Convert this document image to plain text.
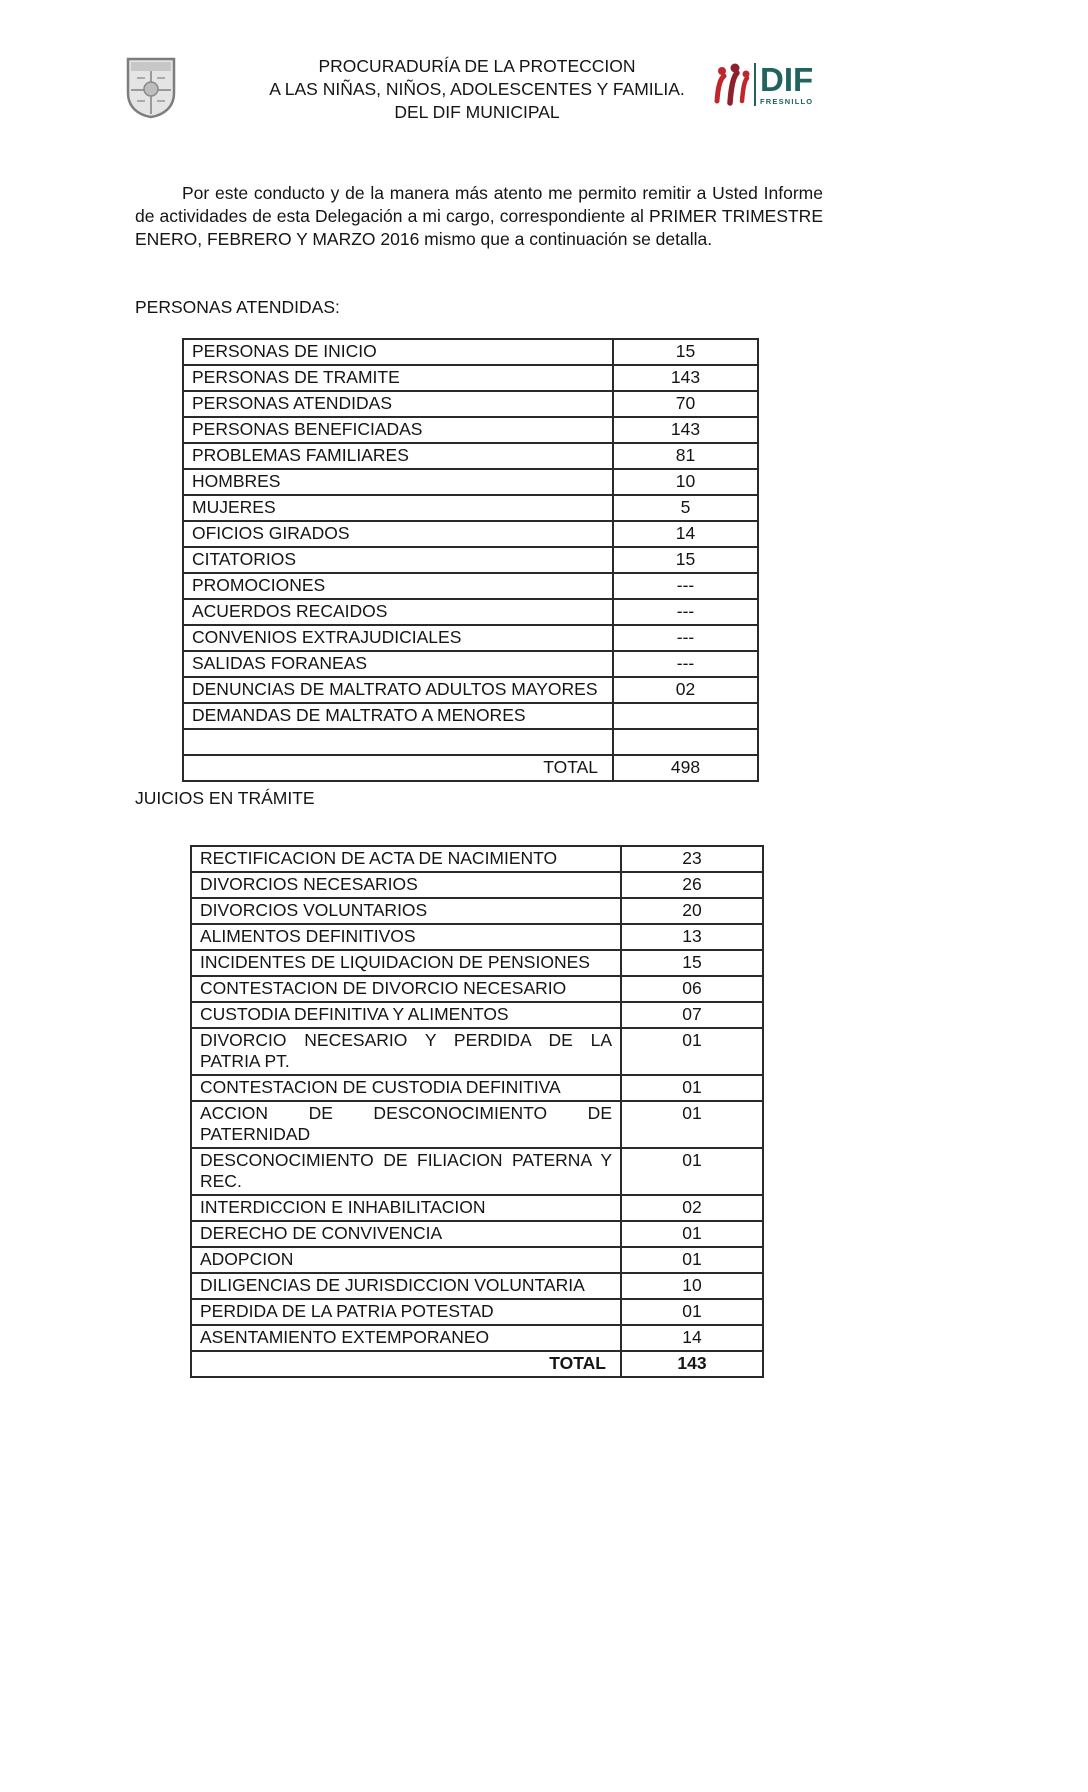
PROCURADURÍA DE LA PROTECCION
A LAS NIÑAS, NIÑOS, ADOLESCENTES Y FAMILIA.
DEL DIF MUNICIPAL
DIF
FRESNILLO

Por este conducto y de la manera más atento me permito remitir a Usted Informe de actividades de esta Delegación a mi cargo, correspondiente al PRIMER TRIMESTRE ENERO, FEBRERO Y MARZO 2016 mismo que a continuación se detalla.

PERSONAS ATENDIDAS:
PERSONAS DE INICIO	15
PERSONAS DE TRAMITE	143
PERSONAS ATENDIDAS	70
PERSONAS BENEFICIADAS	143
PROBLEMAS FAMILIARES	81
HOMBRES	10
MUJERES	5
OFICIOS GIRADOS	14
CITATORIOS	15
PROMOCIONES	---
ACUERDOS RECAIDOS	---
CONVENIOS EXTRAJUDICIALES	---
SALIDAS FORANEAS	---
DENUNCIAS DE MALTRATO ADULTOS MAYORES	02
DEMANDAS DE MALTRATO A MENORES	

TOTAL	498
JUICIOS EN TRÁMITE
RECTIFICACION DE ACTA DE NACIMIENTO	23
DIVORCIOS NECESARIOS	26
DIVORCIOS VOLUNTARIOS	20
ALIMENTOS DEFINITIVOS	13
INCIDENTES DE LIQUIDACION DE PENSIONES	15
CONTESTACION DE DIVORCIO NECESARIO	06
CUSTODIA DEFINITIVA Y ALIMENTOS	07
DIVORCIO NECESARIO Y PERDIDA DE LA PATRIA PT.	01
CONTESTACION DE CUSTODIA DEFINITIVA	01
ACCION DE DESCONOCIMIENTO DE PATERNIDAD	01
DESCONOCIMIENTO DE FILIACION PATERNA Y REC.	01
INTERDICCION E INHABILITACION	02
DERECHO DE CONVIVENCIA	01
ADOPCION	01
DILIGENCIAS DE JURISDICCION VOLUNTARIA	10
PERDIDA DE LA PATRIA POTESTAD	01
ASENTAMIENTO EXTEMPORANEO	14
TOTAL	143
